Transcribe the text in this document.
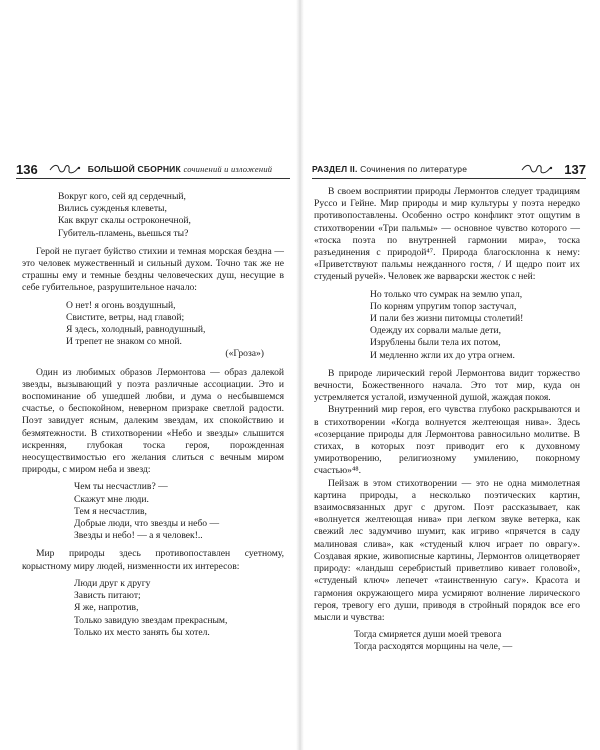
136	БОЛЬШОЙ СБОРНИК сочинений и изложений
Вокруг кого, сей яд сердечный,
Вились сужденья клеветы,
Как вкруг скалы остроконечной,
Губитель-пламень, вьешься ты?

Герой не пугает буйство стихии и темная морская бездна — это человек мужественный и сильный духом. Точно так же не страшны ему и темные бездны человеческих душ, несущие в себе губительное, разрушительное начало:

О нет! я огонь воздушный,
Свистите, ветры, над главой;
Я здесь, холодный, равнодушный,
И трепет не знаком со мной.
(«Гроза»)

Один из любимых образов Лермонтова — образ далекой звезды, вызывающий у поэта различные ассоциации. Это и воспоминание об ушедшей любви, и дума о несбывшемся счастье, о беспокойном, неверном призраке светлой радости. Поэт завидует ясным, далеким звездам, их спокойствию и безмятежности. В стихотворении «Небо и звезды» слышится искренняя, глубокая тоска героя, порожденная неосуществимостью его желания слиться с вечным миром природы, с миром неба и звезд:

Чем ты несчастлив? —
Скажут мне люди.
Тем я несчастлив,
Добрые люди, что звезды и небо —
Звезды и небо! — а я человек!..

Мир природы здесь противопоставлен суетному, корыстному миру людей, низменности их интересов:

Люди друг к другу
Зависть питают;
Я же, напротив,
Только завидую звездам прекрасным,
Только их место занять бы хотел.
РАЗДЕЛ II. Сочинения по литературе	137

В своем восприятии природы Лермонтов следует традициям Руссо и Гейне. Мир природы и мир культуры у поэта нередко противопоставлены. Особенно остро конфликт этот ощутим в стихотворении «Три пальмы» — основное чувство которого — «тоска поэта по внутренней гармонии мира», тоска разъединения с природой⁴⁷. Природа благосклонна к нему: «Приветствуют пальмы нежданного гостя, / И щедро поит их студеный ручей». Человек же варварски жесток с ней:

Но только что сумрак на землю упал,
По корням упругим топор застучал,
И пали без жизни питомцы столетий!
Одежду их сорвали малые дети,
Изрублены были тела их потом,
И медленно жгли их до утра огнем.

В природе лирический герой Лермонтова видит торжество вечности, Божественного начала. Это тот мир, куда он устремляется усталой, измученной душой, жаждая покоя.

Внутренний мир героя, его чувства глубоко раскрываются и в стихотворении «Когда волнуется желтеющая нива». Здесь «созерцание природы для Лермонтова равносильно молитве. В стихах, в которых поэт приводит его к духовному умиротворению, религиозному умилению, покорному счастью»⁴⁸.

Пейзаж в этом стихотворении — это не одна мимолетная картина природы, а несколько поэтических картин, взаимосвязанных друг с другом. Поэт рассказывает, как «волнуется желтеющая нива» при легком звуке ветерка, как свежий лес задумчиво шумит, как игриво «прячется в саду малиновая слива», как «студеный ключ играет по оврагу». Создавая яркие, живописные картины, Лермонтов олицетворяет природу: «ландыш серебристый приветливо кивает головой», «студеный ключ» лепечет «таинственную сагу». Красота и гармония окружающего мира усмиряют волнение лирического героя, тревогу его души, приводя в стройный порядок все его мысли и чувства:

Тогда смиряется души моей тревога
Тогда расходятся морщины на челе, —
